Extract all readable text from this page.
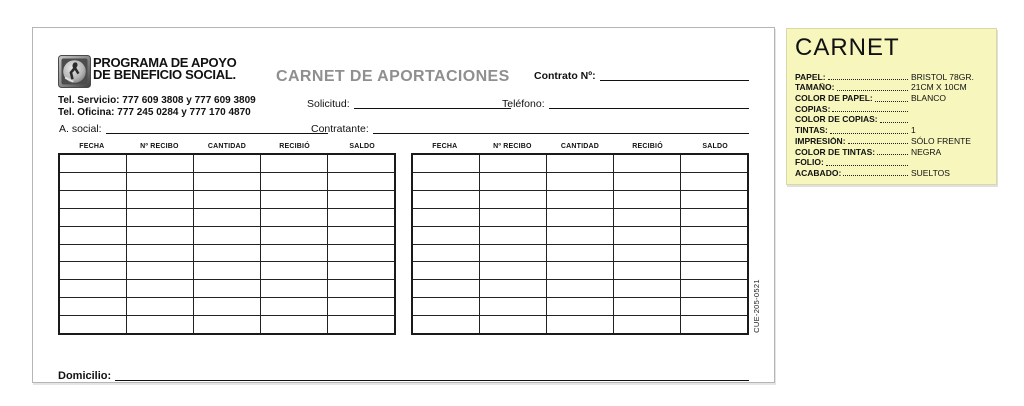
PROGRAMA DE APOYO
DE BENEFICIO SOCIAL.	CARNET DE APORTACIONES
Tel. Servicio: 777 609 3808 y 777 609 3809
Tel. Oficina: 777 245 0284 y 777 170 4870
Contrato Nº:
Solicitud:	Teléfono:
A. social:	Contratante:
FECHA	Nº RECIBO	CANTIDAD	RECIBIÓ	SALDO	FECHA	Nº RECIBO	CANTIDAD	RECIBIÓ	SALDO
CUE-205-0521
Domicilio:
CARNET
PAPEL:	BRISTOL 78GR.
TAMAÑO:	21CM X 10CM
COLOR DE PAPEL:	BLANCO
COPIAS:
COLOR DE COPIAS:
TINTAS:	1
IMPRESIÓN:	SÓLO FRENTE
COLOR DE TINTAS:	NEGRA
FOLIO:
ACABADO:	SUELTOS
